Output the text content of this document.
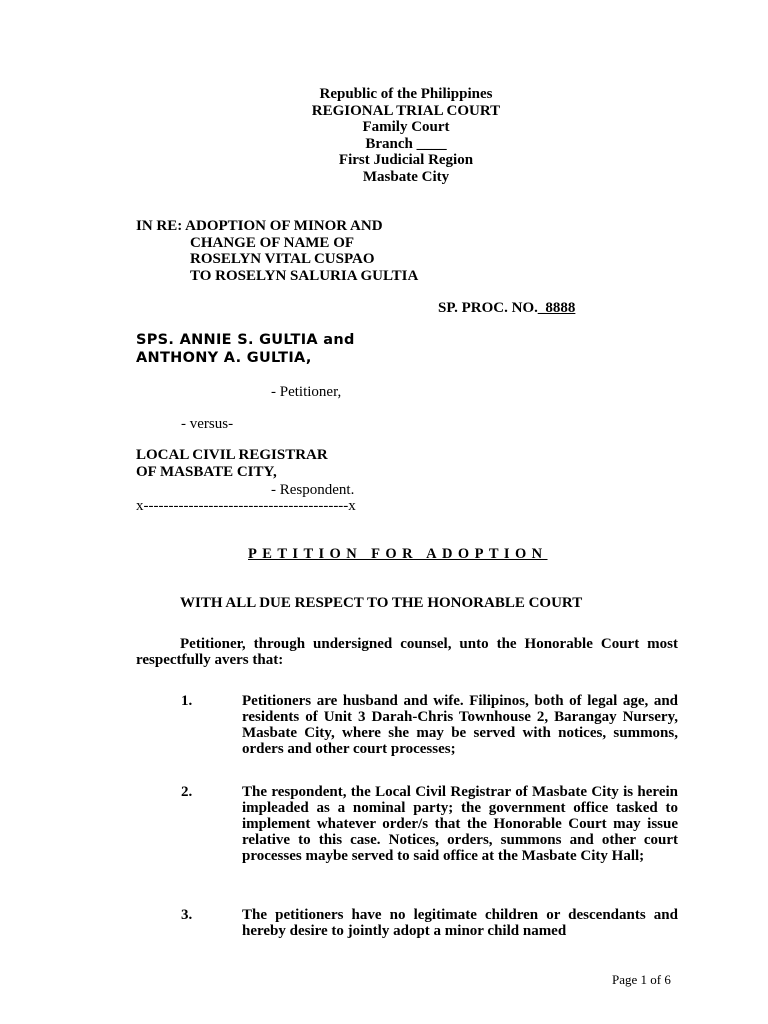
Republic of the Philippines
REGIONAL TRIAL COURT
Family Court
Branch ____
First Judicial Region
Masbate City
IN RE: ADOPTION OF MINOR AND
CHANGE OF NAME OF
ROSELYN VITAL CUSPAO
TO ROSELYN SALURIA GULTIA
SP. PROC. NO._8888
SPS. ANNIE S. GULTIA and
ANTHONY A. GULTIA,
- Petitioner,
- versus-
LOCAL CIVIL REGISTRAR
OF MASBATE CITY,
- Respondent.
x-----------------------------------------x
PETITION FOR ADOPTION
WITH ALL DUE RESPECT TO THE HONORABLE COURT
Petitioner, through undersigned counsel, unto the Honorable Court most respectfully avers that:
1.	Petitioners are husband and wife. Filipinos, both of legal age, and residents of Unit 3 Darah-Chris Townhouse 2, Barangay Nursery, Masbate City, where she may be served with notices, summons, orders and other court processes;
2.	The respondent, the Local Civil Registrar of Masbate City is herein impleaded as a nominal party; the government office tasked to implement whatever order/s that the Honorable Court may issue relative to this case. Notices, orders, summons and other court processes maybe served to said office at the Masbate City Hall;
3.	The petitioners have no legitimate children or descendants and hereby desire to jointly adopt a minor child named
Page 1 of 6
